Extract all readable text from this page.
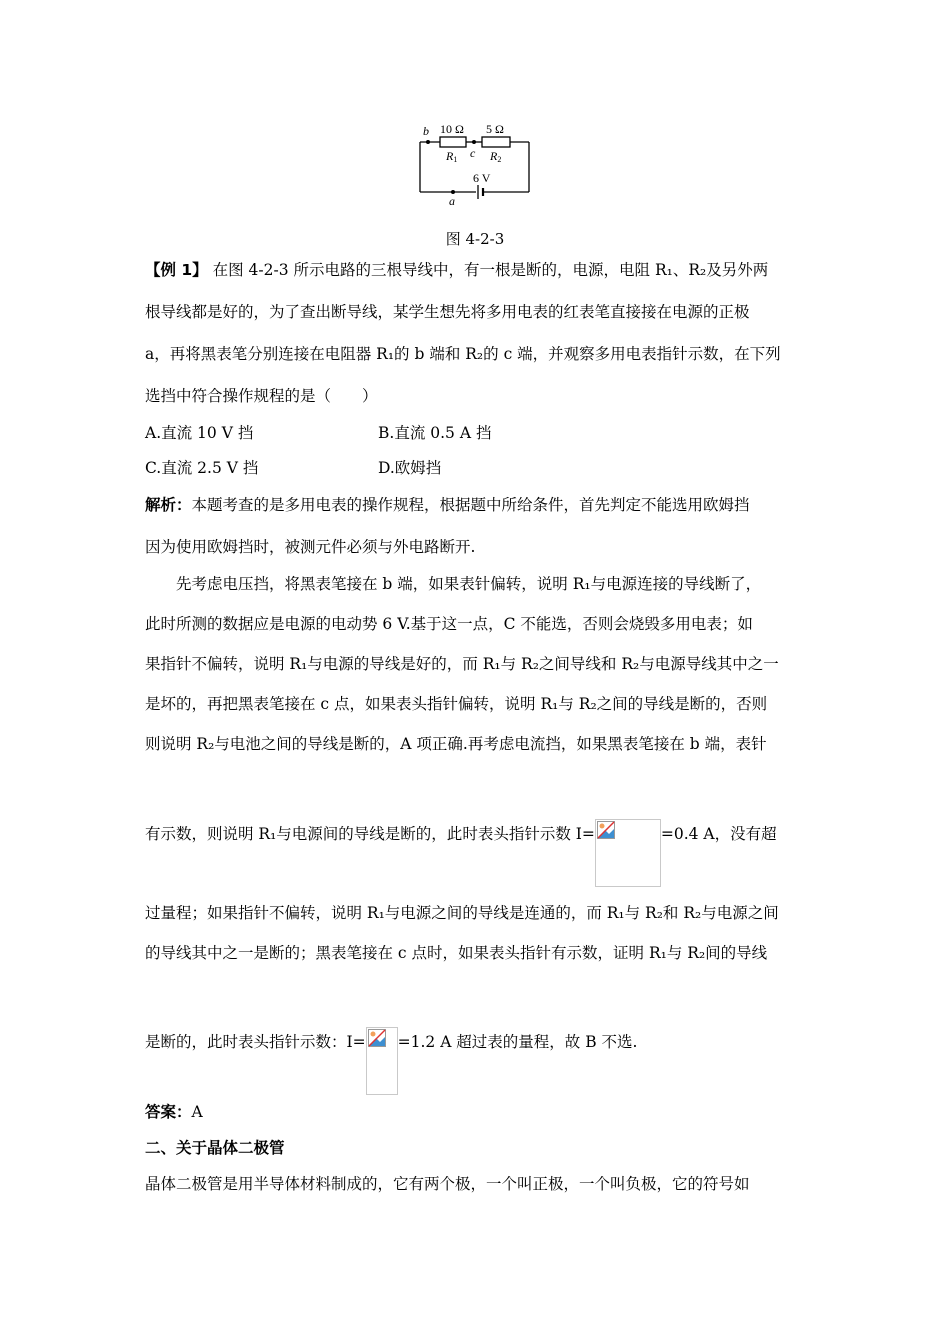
b
c
a
10 Ω 5 Ω
R1	R2
6 V
图 4-2-3
【例 1】 在图 4-2-3 所示电路的三根导线中，有一根是断的，电源，电阻 R₁、R₂及另外两
根导线都是好的，为了查出断导线，某学生想先将多用电表的红表笔直接接在电源的正极
a，再将黑表笔分别连接在电阻器 R₁的 b 端和 R₂的 c 端，并观察多用电表指针示数，在下列
选挡中符合操作规程的是（　　）
A.直流 10 V 挡	B.直流 0.5 A 挡
C.直流 2.5 V 挡	D.欧姆挡
解析：本题考查的是多用电表的操作规程，根据题中所给条件，首先判定不能选用欧姆挡
因为使用欧姆挡时，被测元件必须与外电路断开.
　　先考虑电压挡，将黑表笔接在 b 端，如果表针偏转，说明 R₁与电源连接的导线断了，
此时所测的数据应是电源的电动势 6 V.基于这一点，C 不能选，否则会烧毁多用电表；如
果指针不偏转，说明 R₁与电源的导线是好的，而 R₁与 R₂之间导线和 R₂与电源导线其中之一
是坏的，再把黑表笔接在 c 点，如果表头指针偏转，说明 R₁与 R₂之间的导线是断的，否则
则说明 R₂与电池之间的导线是断的，A 项正确.再考虑电流挡，如果黑表笔接在 b 端，表针
有示数，则说明 R₁与电源间的导线是断的，此时表头指针示数 I=	=0.4 A，没有超
过量程；如果指针不偏转，说明 R₁与电源之间的导线是连通的，而 R₁与 R₂和 R₂与电源之间
的导线其中之一是断的；黑表笔接在 c 点时，如果表头指针有示数，证明 R₁与 R₂间的导线
是断的，此时表头指针示数：I= =1.2 A 超过表的量程，故 B 不选.
答案：A
二、关于晶体二极管
晶体二极管是用半导体材料制成的，它有两个极，一个叫正极，一个叫负极，它的符号如
